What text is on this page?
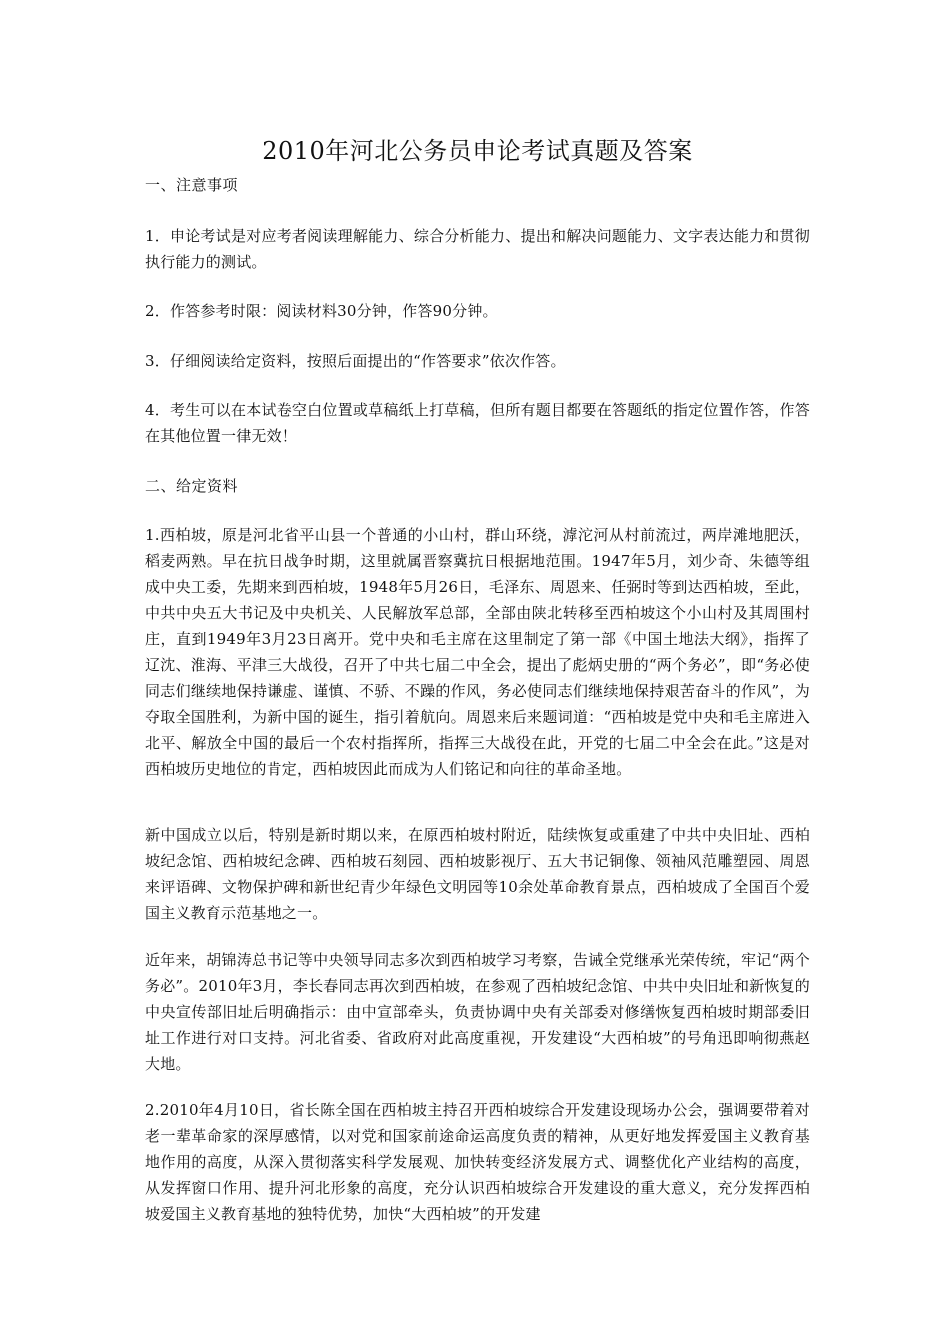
2010年河北公务员申论考试真题及答案
一、注意事项
1．申论考试是对应考者阅读理解能力、综合分析能力、提出和解决问题能力、文字表达能力和贯彻执行能力的测试。
2．作答参考时限：阅读材料30分钟，作答90分钟。
3．仔细阅读给定资料，按照后面提出的“作答要求”依次作答。
4．考生可以在本试卷空白位置或草稿纸上打草稿，但所有题目都要在答题纸的指定位置作答，作答在其他位置一律无效！
二、给定资料
1.西柏坡，原是河北省平山县一个普通的小山村，群山环绕，滹沱河从村前流过，两岸滩地肥沃，稻麦两熟。早在抗日战争时期，这里就属晋察冀抗日根据地范围。1947年5月，刘少奇、朱德等组成中央工委，先期来到西柏坡，1948年5月26日，毛泽东、周恩来、任弼时等到达西柏坡，至此，中共中央五大书记及中央机关、人民解放军总部，全部由陕北转移至西柏坡这个小山村及其周围村庄，直到1949年3月23日离开。党中央和毛主席在这里制定了第一部《中国土地法大纲》，指挥了辽沈、淮海、平津三大战役，召开了中共七届二中全会，提出了彪炳史册的“两个务必”，即“务必使同志们继续地保持谦虚、谨慎、不骄、不躁的作风，务必使同志们继续地保持艰苦奋斗的作风”，为夺取全国胜利，为新中国的诞生，指引着航向。周恩来后来题词道：“西柏坡是党中央和毛主席进入北平、解放全中国的最后一个农村指挥所，指挥三大战役在此，开党的七届二中全会在此。”这是对西柏坡历史地位的肯定，西柏坡因此而成为人们铭记和向往的革命圣地。
新中国成立以后，特别是新时期以来，在原西柏坡村附近，陆续恢复或重建了中共中央旧址、西柏坡纪念馆、西柏坡纪念碑、西柏坡石刻园、西柏坡影视厅、五大书记铜像、领袖风范雕塑园、周恩来评语碑、文物保护碑和新世纪青少年绿色文明园等10余处革命教育景点，西柏坡成了全国百个爱国主义教育示范基地之一。
近年来，胡锦涛总书记等中央领导同志多次到西柏坡学习考察，告诫全党继承光荣传统，牢记“两个务必”。2010年3月，李长春同志再次到西柏坡，在参观了西柏坡纪念馆、中共中央旧址和新恢复的中央宣传部旧址后明确指示：由中宣部牵头，负责协调中央有关部委对修缮恢复西柏坡时期部委旧址工作进行对口支持。河北省委、省政府对此高度重视，开发建设“大西柏坡”的号角迅即响彻燕赵大地。
2.2010年4月10日，省长陈全国在西柏坡主持召开西柏坡综合开发建设现场办公会，强调要带着对老一辈革命家的深厚感情，以对党和国家前途命运高度负责的精神，从更好地发挥爱国主义教育基地作用的高度，从深入贯彻落实科学发展观、加快转变经济发展方式、调整优化产业结构的高度，从发挥窗口作用、提升河北形象的高度，充分认识西柏坡综合开发建设的重大意义，充分发挥西柏坡爱国主义教育基地的独特优势，加快“大西柏坡”的开发建
